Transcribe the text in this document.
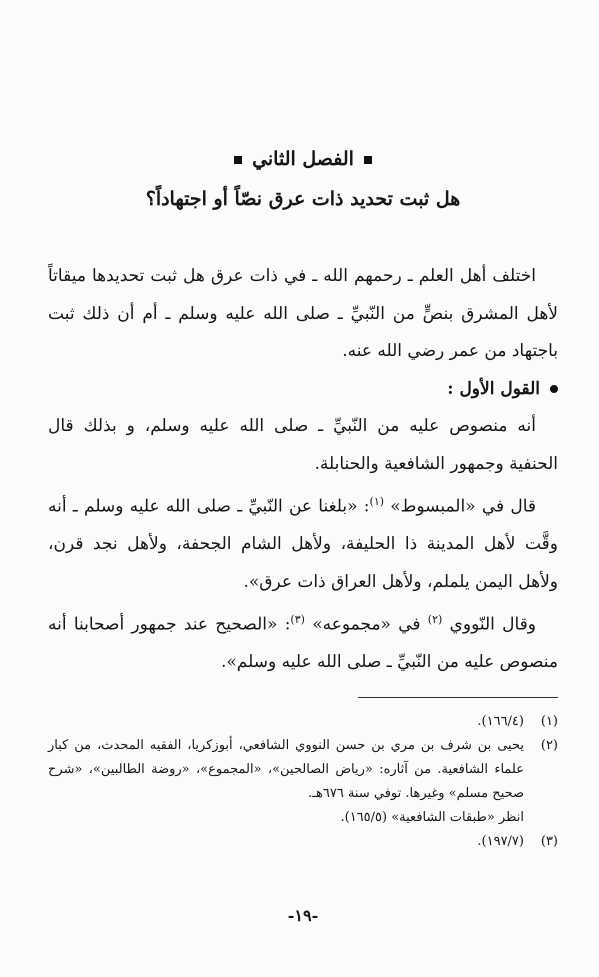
الفصل الثاني
هل ثبت تحديد ذات عرق نصّاً أو اجتهاداً؟

اختلف أهل العلم ـ رحمهم الله ـ في ذات عرق هل ثبت تحديدها ميقاتاً لأهل المشرق بنصٍّ من النّبيِّ ـ صلى الله عليه وسلم ـ أم أن ذلك ثبت باجتهاد من عمر رضي الله عنه.

القول الأول :

أنه منصوص عليه من النّبيِّ ـ صلى الله عليه وسلم، و بذلك قال الحنفية وجمهور الشافعية والحنابلة.

قال في «المبسوط» $^{(١)}$: «بلغنا عن النّبيِّ ـ صلى الله عليه وسلم ـ أنه وقَّت لأهل المدينة ذا الحليفة، ولأهل الشام الجحفة، ولأهل نجد قرن، ولأهل اليمن يلملم، ولأهل العراق ذات عرق».

وقال النّووي $^{(٢)}$ في «مجموعه» $^{(٣)}$: «الصحيح عند جمهور أصحابنا أنه منصوص عليه من النّبيِّ ـ صلى الله عليه وسلم».

(١)
(١٦٦/٤).
(٢)
يحيى بن شرف بن مري بن حسن النووي الشافعي، أبوزكريا، الفقيه المحدث، من كبار علماء الشافعية. من آثاره: «رياض الصالحين»، «المجموع»، «روضة الطالبين»، «شرح صحيح مسلم» وغيرها. توفي سنة ٦٧٦هـ.
انظر «طبقات الشافعية» (١٦٥/٥).
(٣)
(١٩٧/٧).
-١٩-
